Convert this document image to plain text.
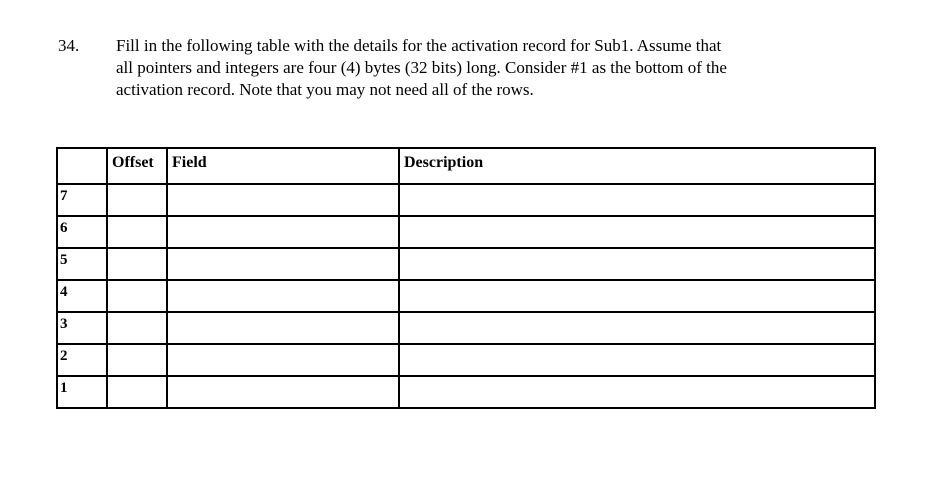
34. Fill in the following table with the details for the activation record for Sub1. Assume that
all pointers and integers are four (4) bytes (32 bits) long. Consider #1 as the bottom of the
activation record. Note that you may not need all of the rows.

	Offset	Field	Description

7			

6			

5			

4			

3			

2			

1			
